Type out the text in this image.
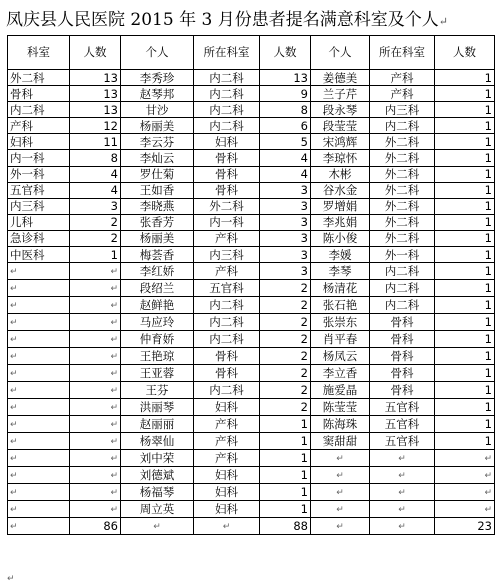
凤庆县人民医院 2015 年 3 月份患者提名满意科室及个人↵
科室	人数	个人	所在科室	人数	个人	所在科室	人数
外二科	13	李秀珍	内二科	13	姜德美	产科	1
骨科	13	赵琴邦	内二科	9	兰子芹	产科	1
内二科	13	甘沙	内二科	8	段永琴	内三科	1
产科	12	杨丽美	内二科	6	段莹莹	内二科	1
妇科	11	李云芬	妇科	5	宋鸿辉	外二科	1
内一科	8	李灿云	骨科	4	李琼怀	外二科	1
外一科	4	罗仕菊	骨科	4	木彬	外二科	1
五官科	4	王如香	骨科	3	谷水金	外二科	1
内三科	3	李晓燕	外二科	3	罗增娟	外二科	1
儿科	2	张香芳	内一科	3	李兆娟	外二科	1
急诊科	2	杨丽美	产科	3	陈小俊	外二科	1
中医科	1	梅荟香	内三科	3	李媛	外一科	1
↵	↵	李红娇	产科	3	李琴	内二科	1
↵	↵	段绍兰	五官科	2	杨清花	内二科	1
↵	↵	赵鲜艳	内二科	2	张石艳	内二科	1
↵	↵	马应玲	内二科	2	张崇东	骨科	1
↵	↵	仲育娇	内二科	2	肖平春	骨科	1
↵	↵	王艳琼	骨科	2	杨凤云	骨科	1
↵	↵	王亚蓉	骨科	2	李立香	骨科	1
↵	↵	王芬	内二科	2	施爱晶	骨科	1
↵	↵	洪丽琴	妇科	2	陈莹莹	五官科	1
↵	↵	赵丽丽	产科	1	陈海珠	五官科	1
↵	↵	杨翠仙	产科	1	窦甜甜	五官科	1
↵	↵	刘中荣	产科	1	↵	↵	↵
↵	↵	刘德斌	妇科	1	↵	↵	↵
↵	↵	杨福琴	妇科	1	↵	↵	↵
↵	↵	周立英	妇科	1	↵	↵	↵
↵	86	↵	↵	88	↵	↵	23
↵
